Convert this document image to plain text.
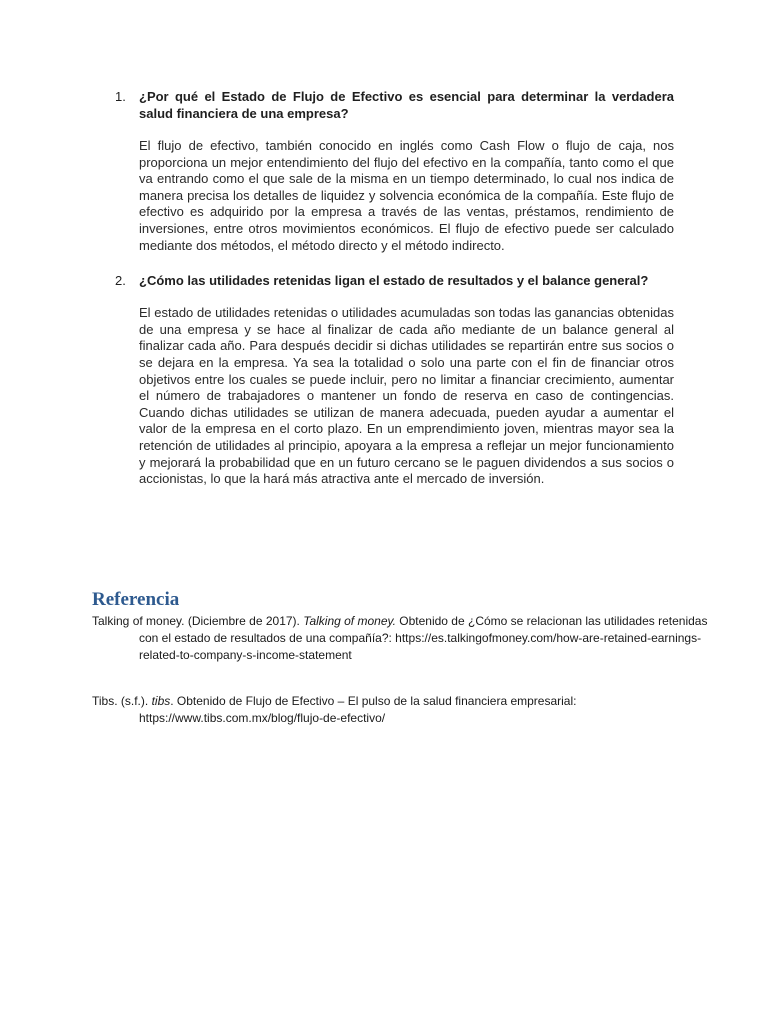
1. ¿Por qué el Estado de Flujo de Efectivo es esencial para determinar la verdadera salud financiera de una empresa?

El flujo de efectivo, también conocido en inglés como Cash Flow o flujo de caja, nos proporciona un mejor entendimiento del flujo del efectivo en la compañía, tanto como el que va entrando como el que sale de la misma en un tiempo determinado, lo cual nos indica de manera precisa los detalles de liquidez y solvencia económica de la compañía. Este flujo de efectivo es adquirido por la empresa a través de las ventas, préstamos, rendimiento de inversiones, entre otros movimientos económicos. El flujo de efectivo puede ser calculado mediante dos métodos, el método directo y el método indirecto.

2. ¿Cómo las utilidades retenidas ligan el estado de resultados y el balance general?

El estado de utilidades retenidas o utilidades acumuladas son todas las ganancias obtenidas de una empresa y se hace al finalizar de cada año mediante de un balance general al finalizar cada año. Para después decidir si dichas utilidades se repartirán entre sus socios o se dejara en la empresa. Ya sea la totalidad o solo una parte con el fin de financiar otros objetivos entre los cuales se puede incluir, pero no limitar a financiar crecimiento, aumentar el número de trabajadores o mantener un fondo de reserva en caso de contingencias. Cuando dichas utilidades se utilizan de manera adecuada, pueden ayudar a aumentar el valor de la empresa en el corto plazo. En un emprendimiento joven, mientras mayor sea la retención de utilidades al principio, apoyara a la empresa a reflejar un mejor funcionamiento y mejorará la probabilidad que en un futuro cercano se le paguen dividendos a sus socios o accionistas, lo que la hará más atractiva ante el mercado de inversión.

Referencia
Talking of money. (Diciembre de 2017). Talking of money. Obtenido de ¿Cómo se relacionan las utilidades retenidas con el estado de resultados de una compañía?: https://es.talkingofmoney.com/how-are-retained-earnings-related-to-company-s-income-statement
Tibs. (s.f.). tibs. Obtenido de Flujo de Efectivo – El pulso de la salud financiera empresarial: https://www.tibs.com.mx/blog/flujo-de-efectivo/
